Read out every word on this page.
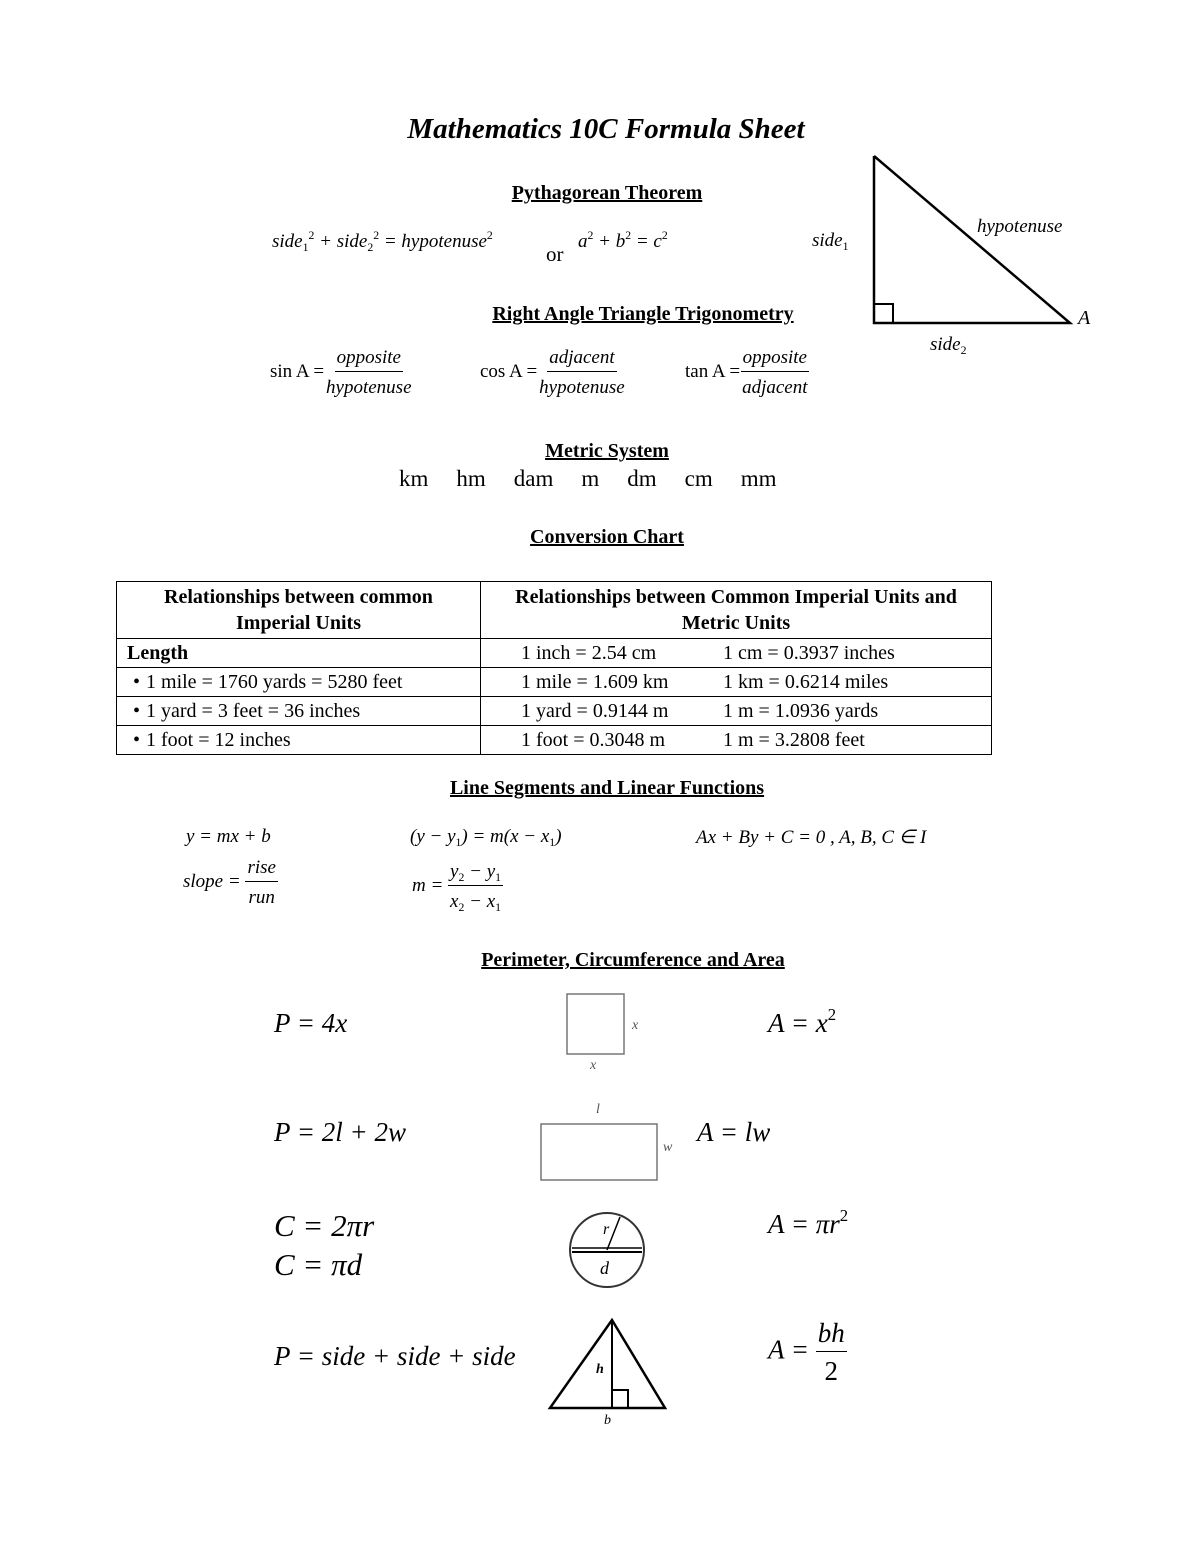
Mathematics 10C Formula Sheet
Pythagorean Theorem
side$_1^2$ + side$_2^2$ = hypotenuse$^2$
or
$a^2 + b^2 = c^2$	side$_1$
hypotenuse
side$_2$
A
Right Angle Triangle Trigonometry
$\sin A = \frac{\text{opposite}}{\text{hypotenuse}}$	$\cos A = \frac{\text{adjacent}}{\text{hypotenuse}}$	$\tan A = \frac{\text{opposite}}{\text{adjacent}}$
Metric System
km hm dam m dm cm mm
Conversion Chart
Relationships between common Imperial Units	Relationships between Common Imperial Units and Metric Units
Length	1 inch = 2.54 cm 1 cm = 0.3937 inches

• 1 mile = 1760 yards = 5280 feet	1 mile = 1.609 km 1 km = 0.6214 miles

• 1 yard = 3 feet = 36 inches	1 yard = 0.9144 m 1 m = 1.0936 yards

• 1 foot = 12 inches	1 foot = 0.3048 m 1 m = 3.2808 feet
Line Segments and Linear Functions
y = mx + b	$(y - y_1) = m(x - x_1)$	Ax + By + C = 0 , A, B, C ∈ I
slope = $\frac{\text{rise}}{\text{run}}$	$m = \frac{y_2 - y_1}{x_2 - x_1}$
Perimeter, Circumference and Area
P = 4x	x
x
$A = x^2$
P = 2l + 2w
l
w
A = lw
C = 2πr
C = πd
r
d
$A = \pi r^2$
P = side + side + side	h
b
$A = \frac{bh}{2}$
